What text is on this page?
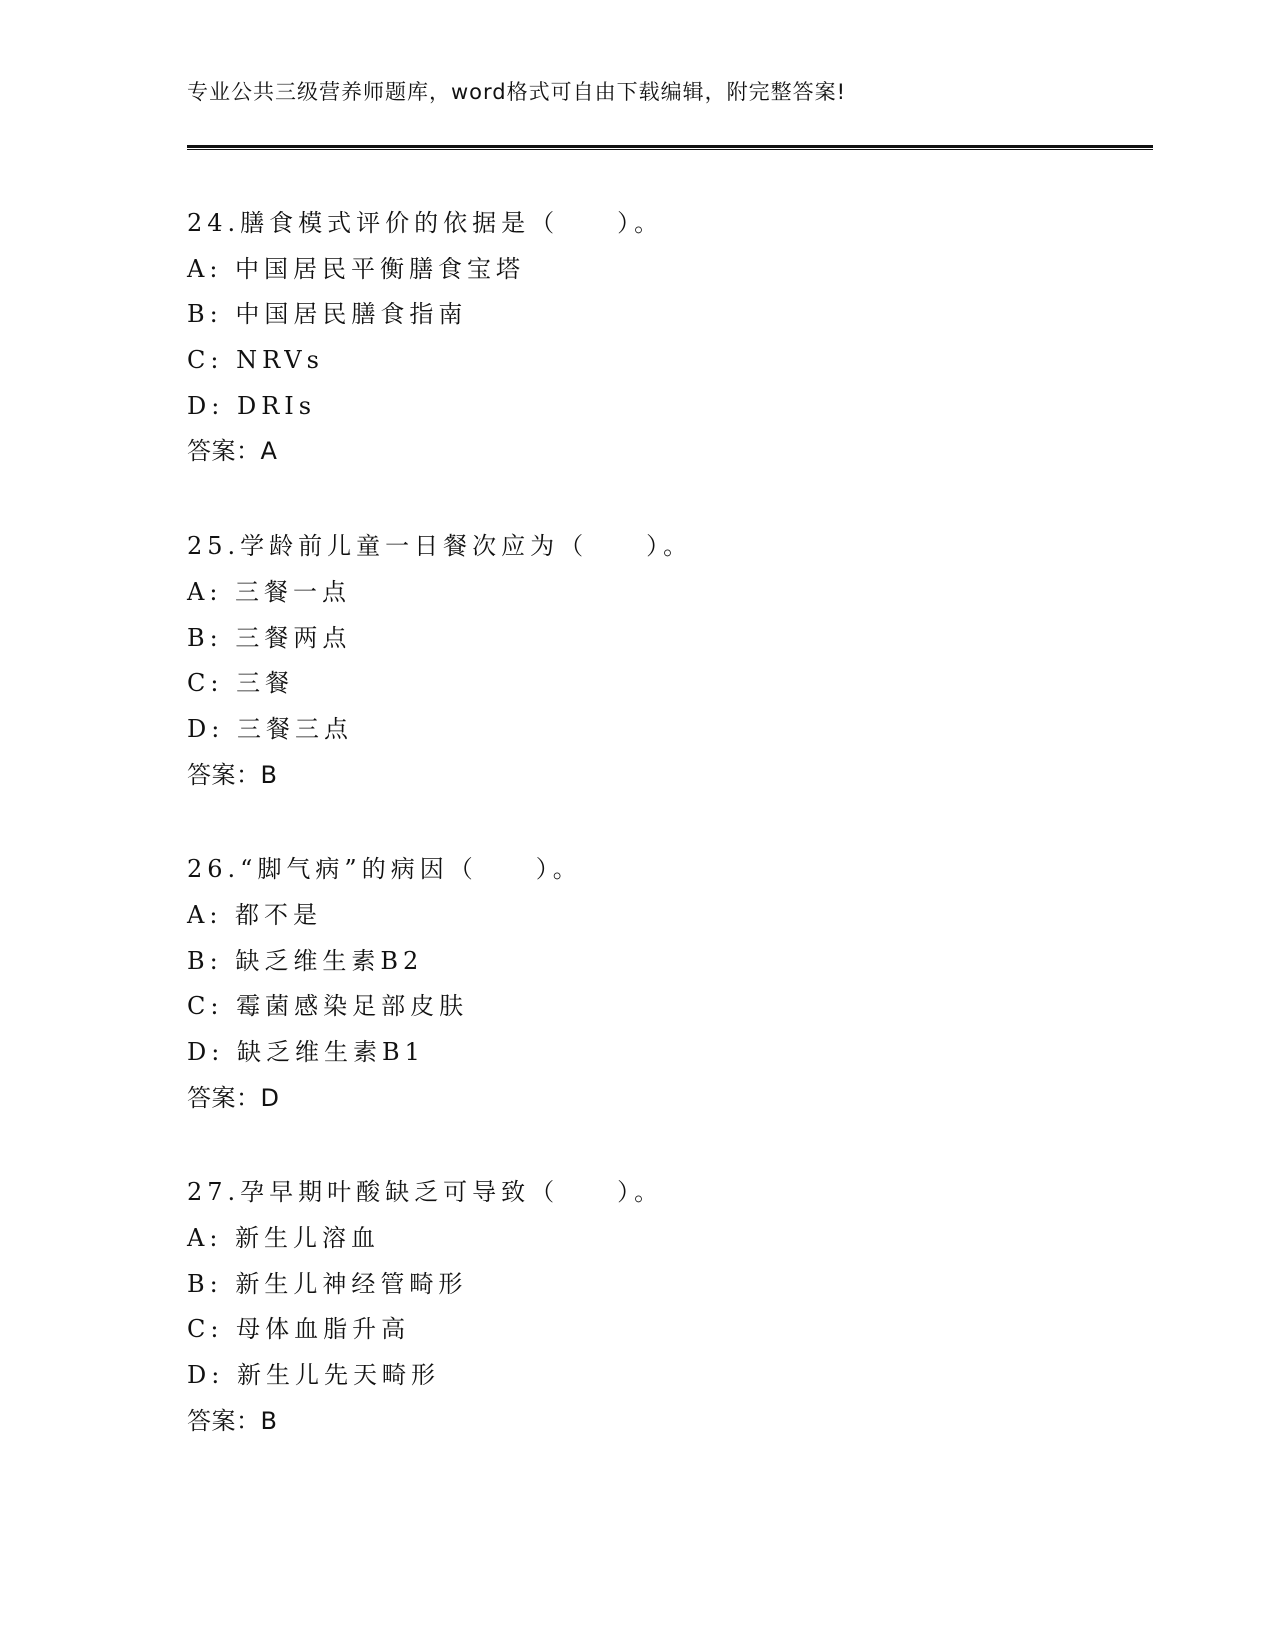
专业公共三级营养师题库，word格式可自由下载编辑，附完整答案!
24.膳食模式评价的依据是（　　）。
A: 中国居民平衡膳食宝塔
B: 中国居民膳食指南
C: NRVs
D: DRIs
答案：A
25.学龄前儿童一日餐次应为（　　）。
A: 三餐一点
B: 三餐两点
C: 三餐
D: 三餐三点
答案：B
26.“脚气病”的病因（　　）。
A: 都不是
B: 缺乏维生素B2
C: 霉菌感染足部皮肤
D: 缺乏维生素B1
答案：D
27.孕早期叶酸缺乏可导致（　　）。
A: 新生儿溶血
B: 新生儿神经管畸形
C: 母体血脂升高
D: 新生儿先天畸形
答案：B
